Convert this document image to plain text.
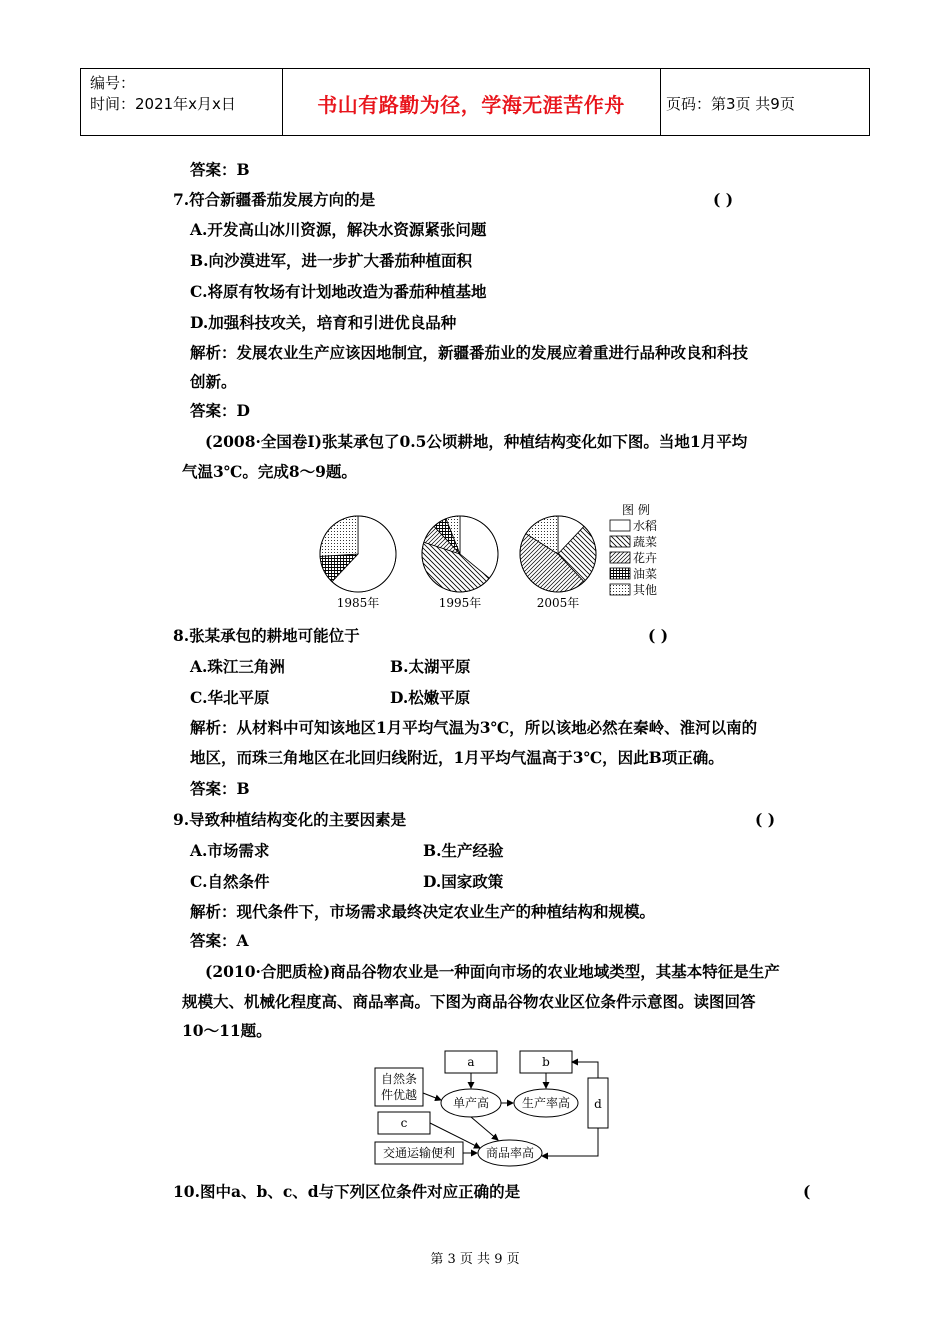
编号：
时间：2021年x月x日	书山有路勤为径，学海无涯苦作舟	页码：第3页 共9页
答案：B
7.符合新疆番茄发展方向的是	( )
A.开发高山冰川资源，解决水资源紧张问题
B.向沙漠进军，进一步扩大番茄种植面积
C.将原有牧场有计划地改造为番茄种植基地
D.加强科技攻关，培育和引进优良品种
解析：发展农业生产应该因地制宜，新疆番茄业的发展应着重进行品种改良和科技
创新。
答案：D
(2008·全国卷Ⅰ)张某承包了0.5公顷耕地，种植结构变化如下图。当地1月平均
气温3℃。完成8～9题。
1985年	1995年	2005年
图 例
水稻
蔬菜
花卉
油菜
其他
8.张某承包的耕地可能位于	( )
A.珠江三角洲	B.太湖平原
C.华北平原	D.松嫩平原
解析：从材料中可知该地区1月平均气温为3℃，所以该地必然在秦岭、淮河以南的
地区，而珠三角地区在北回归线附近，1月平均气温高于3℃，因此B项正确。
答案：B
9.导致种植结构变化的主要因素是	( )
A.市场需求	B.生产经验
C.自然条件	D.国家政策
解析：现代条件下，市场需求最终决定农业生产的种植结构和规模。
答案：A
(2010·合肥质检)商品谷物农业是一种面向市场的农业地域类型，其基本特征是生产
规模大、机械化程度高、商品率高。下图为商品谷物农业区位条件示意图。读图回答
10～11题。
a	b
自然条
件优越
d
c
交通运输便利
单产高	生产率高
商品率高
10.图中a、b、c、d与下列区位条件对应正确的是	(
第 3 页 共 9 页
